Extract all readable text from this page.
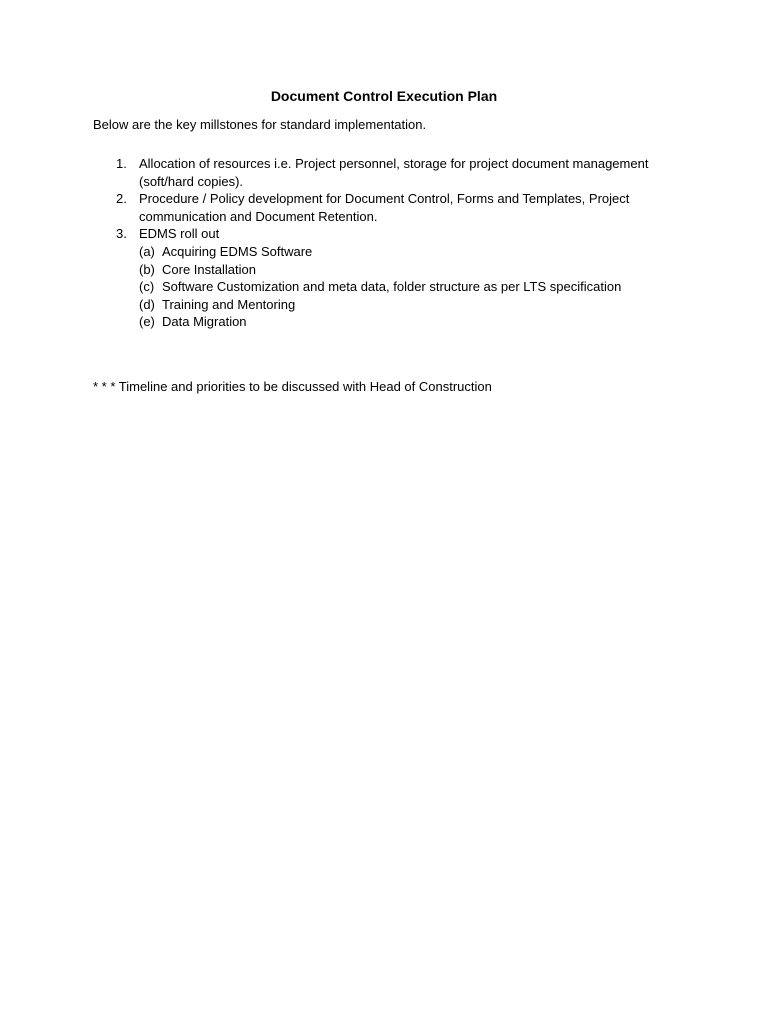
Document Control Execution Plan
Below are the key millstones for standard implementation.
1. Allocation of resources i.e. Project personnel, storage for project document management (soft/hard copies).
2. Procedure / Policy development for Document Control, Forms and Templates, Project communication and Document Retention.
3. EDMS roll out
(a) Acquiring EDMS Software
(b) Core Installation
(c) Software Customization and meta data, folder structure as per LTS specification
(d) Training and Mentoring
(e) Data Migration
* * * Timeline and priorities to be discussed with Head of Construction
